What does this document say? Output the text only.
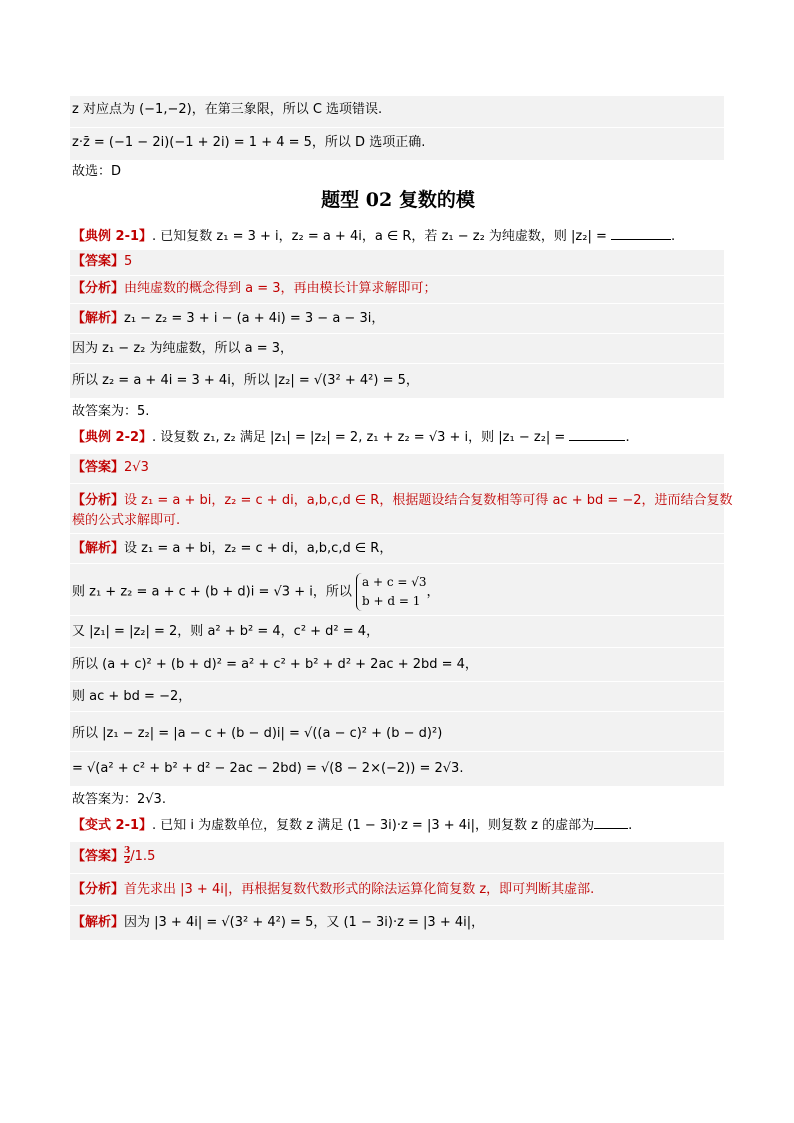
z 对应点为 (−1,−2)，在第三象限，所以 C 选项错误.
z·z̄ = (−1 − 2i)(−1 + 2i) = 1 + 4 = 5，所以 D 选项正确.
故选：D
题型 02 复数的模
【典例 2-1】. 已知复数 z₁ = 3 + i，z₂ = a + 4i，a ∈ R，若 z₁ − z₂ 为纯虚数，则 |z₂| =	.
【答案】5
【分析】由纯虚数的概念得到 a = 3，再由模长计算求解即可；
【解析】z₁ − z₂ = 3 + i − (a + 4i) = 3 − a − 3i，
因为 z₁ − z₂ 为纯虚数，所以 a = 3，
所以 z₂ = a + 4i = 3 + 4i，所以 |z₂| = √(3² + 4²) = 5，
故答案为：5.
【典例 2-2】. 设复数 z₁, z₂ 满足 |z₁| = |z₂| = 2, z₁ + z₂ = √3 + i，则 |z₁ − z₂| =	.
【答案】2√3
【分析】设 z₁ = a + bi，z₂ = c + di，a,b,c,d ∈ R，根据题设结合复数相等可得 ac + bd = −2，进而结合复数
模的公式求解即可.
【解析】设 z₁ = a + bi，z₂ = c + di，a,b,c,d ∈ R，
则 z₁ + z₂ = a + c + (b + d)i = √3 + i，所以 a + c = √3
b + d = 1，
又 |z₁| = |z₂| = 2，则 a² + b² = 4，c² + d² = 4，
所以 (a + c)² + (b + d)² = a² + c² + b² + d² + 2ac + 2bd = 4，
则 ac + bd = −2，
所以 |z₁ − z₂| = |a − c + (b − d)i| = √((a − c)² + (b − d)²)
= √(a² + c² + b² + d² − 2ac − 2bd) = √(8 − 2×(−2)) = 2√3.
故答案为：2√3.
【变式 2-1】. 已知 i 为虚数单位，复数 z 满足 (1 − 3i)·z = |3 + 4i|，则复数 z 的虚部为	.
【答案】 $\frac{3}{2}/1.5$
【分析】首先求出 |3 + 4i|，再根据复数代数形式的除法运算化简复数 z，即可判断其虚部.
【解析】因为 |3 + 4i| = √(3² + 4²) = 5，又 (1 − 3i)·z = |3 + 4i|，
